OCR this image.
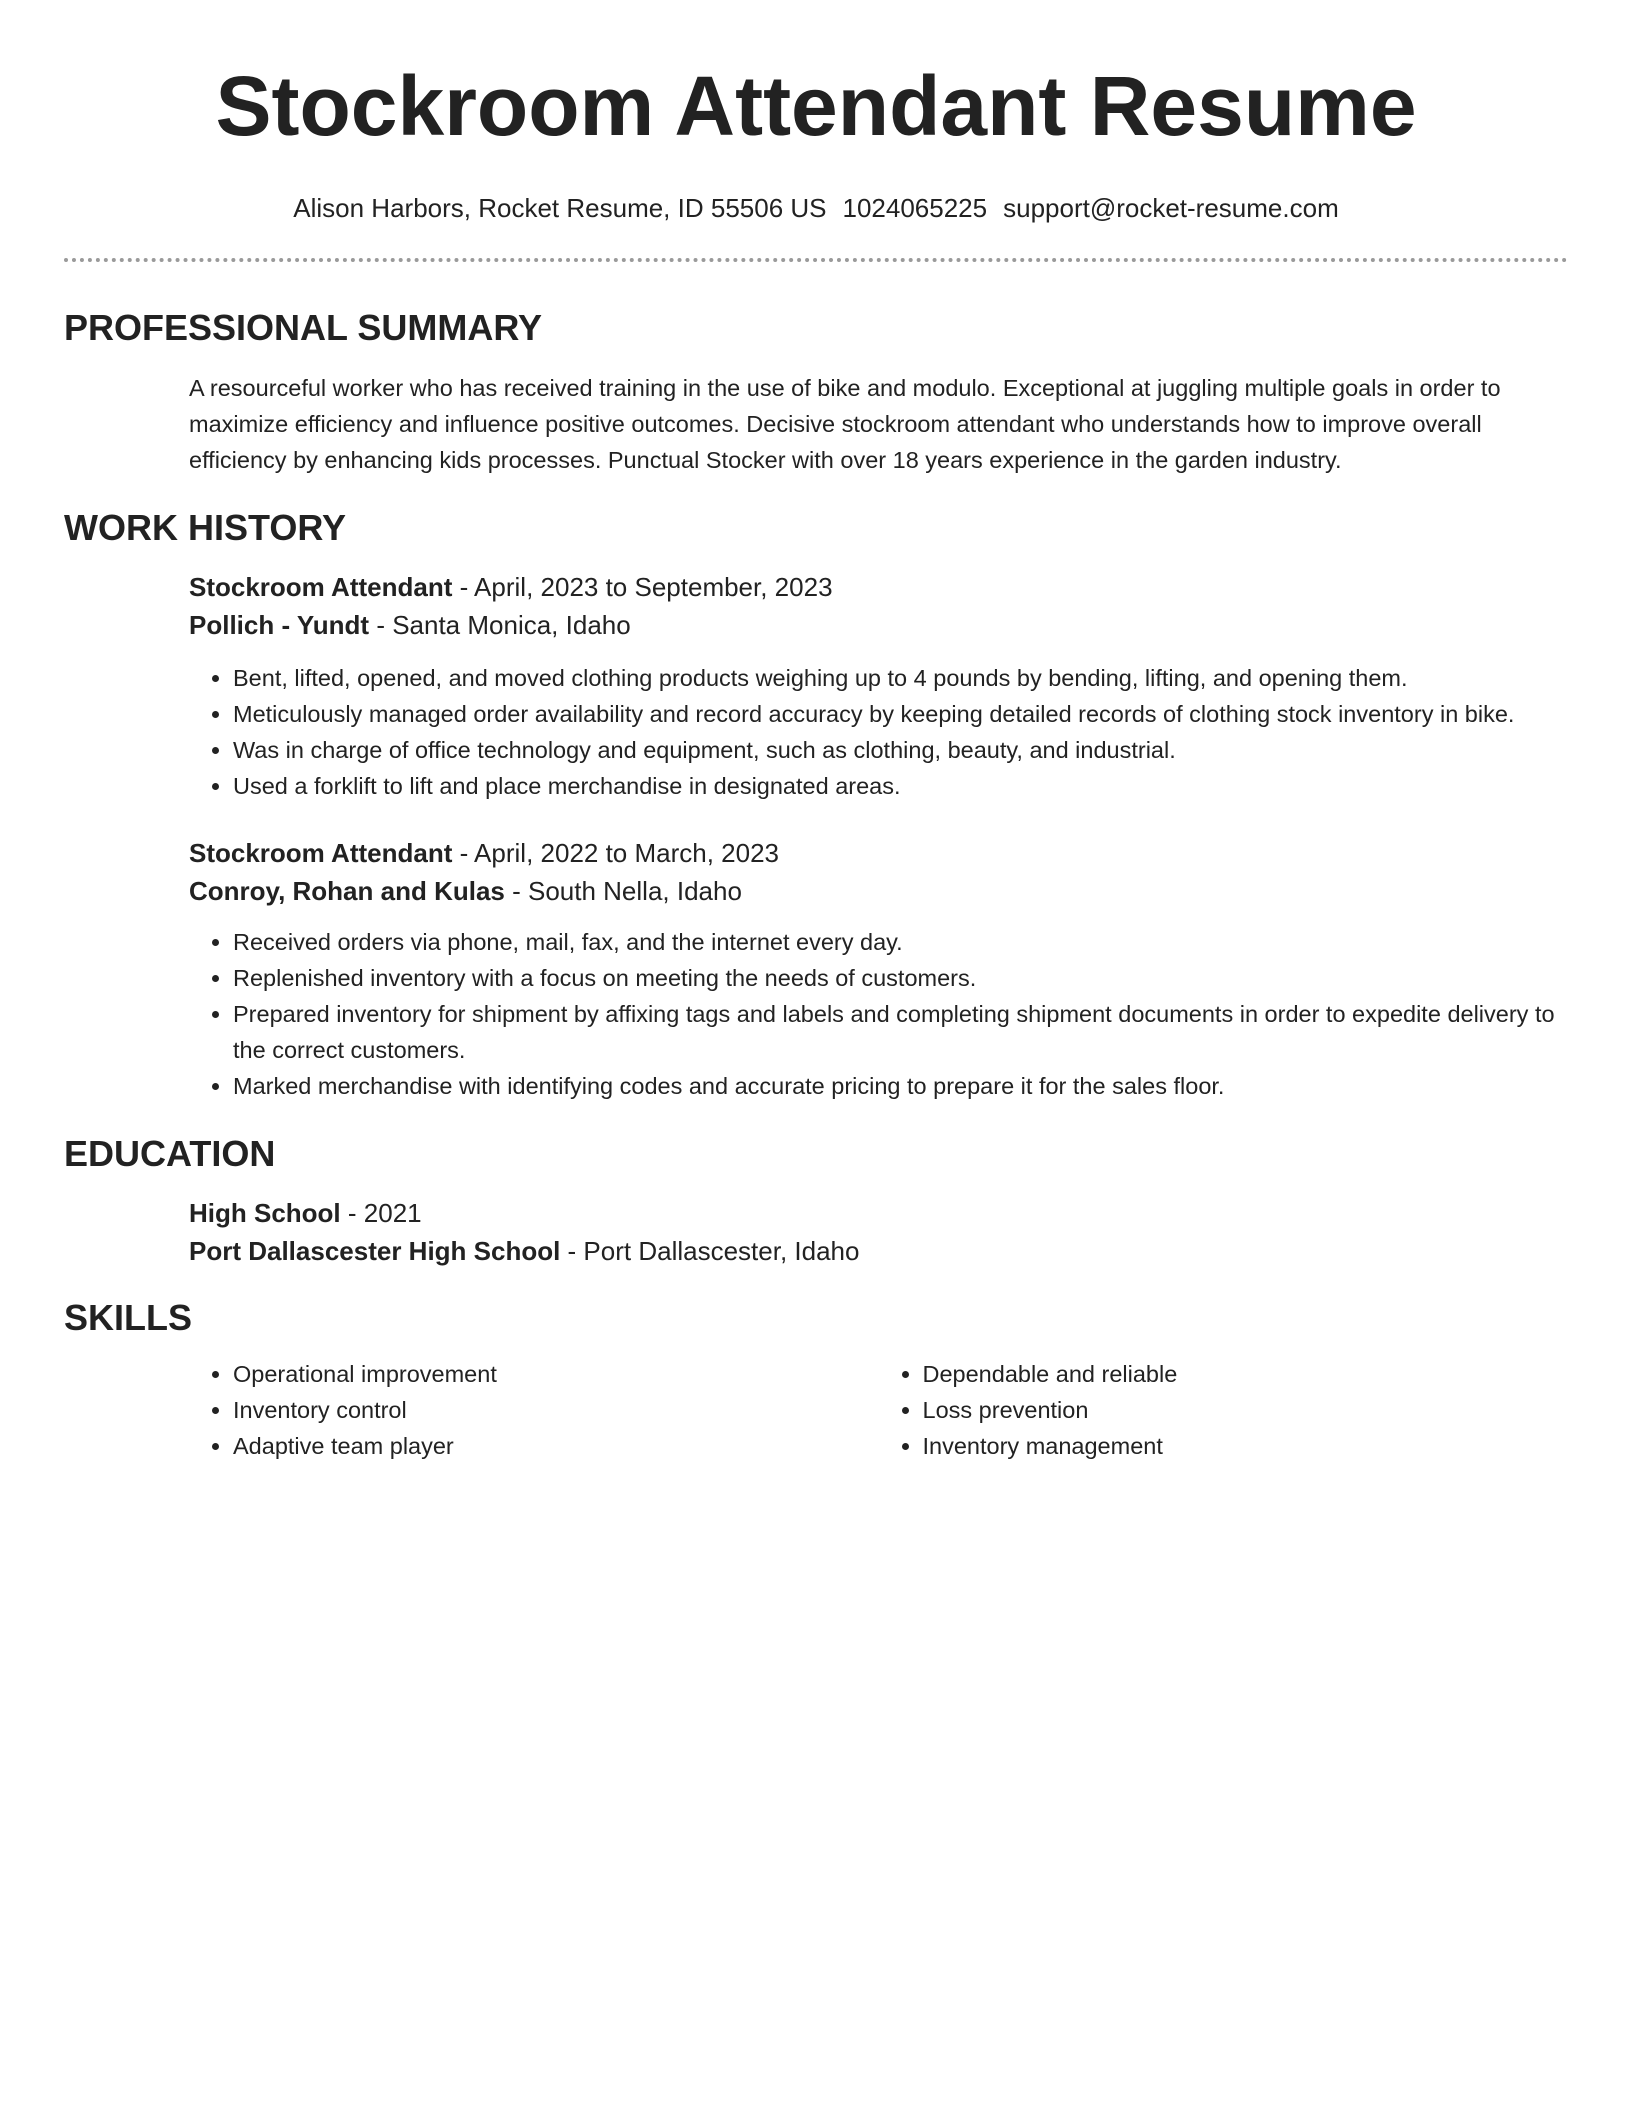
Stockroom Attendant Resume
Alison Harbors, Rocket Resume, ID 55506 US 1024065225 support@rocket-resume.com
PROFESSIONAL SUMMARY

A resourceful worker who has received training in the use of bike and modulo. Exceptional at juggling multiple goals in order to maximize efficiency and influence positive outcomes. Decisive stockroom attendant who understands how to improve overall efficiency by enhancing kids processes. Punctual Stocker with over 18 years experience in the garden industry.

WORK HISTORY
Stockroom Attendant - April, 2023 to September, 2023
Pollich - Yundt - Santa Monica, Idaho
• Bent, lifted, opened, and moved clothing products weighing up to 4 pounds by bending, lifting, and opening them.
• Meticulously managed order availability and record accuracy by keeping detailed records of clothing stock inventory in bike.
• Was in charge of office technology and equipment, such as clothing, beauty, and industrial.
• Used a forklift to lift and place merchandise in designated areas.
Stockroom Attendant - April, 2022 to March, 2023
Conroy, Rohan and Kulas - South Nella, Idaho
• Received orders via phone, mail, fax, and the internet every day.
• Replenished inventory with a focus on meeting the needs of customers.
• Prepared inventory for shipment by affixing tags and labels and completing shipment documents in order to expedite delivery to the correct customers.
• Marked merchandise with identifying codes and accurate pricing to prepare it for the sales floor.
EDUCATION
High School - 2021
Port Dallascester High School - Port Dallascester, Idaho
SKILLS
• Operational improvement
• Inventory control
• Adaptive team player
• Dependable and reliable
• Loss prevention
• Inventory management
